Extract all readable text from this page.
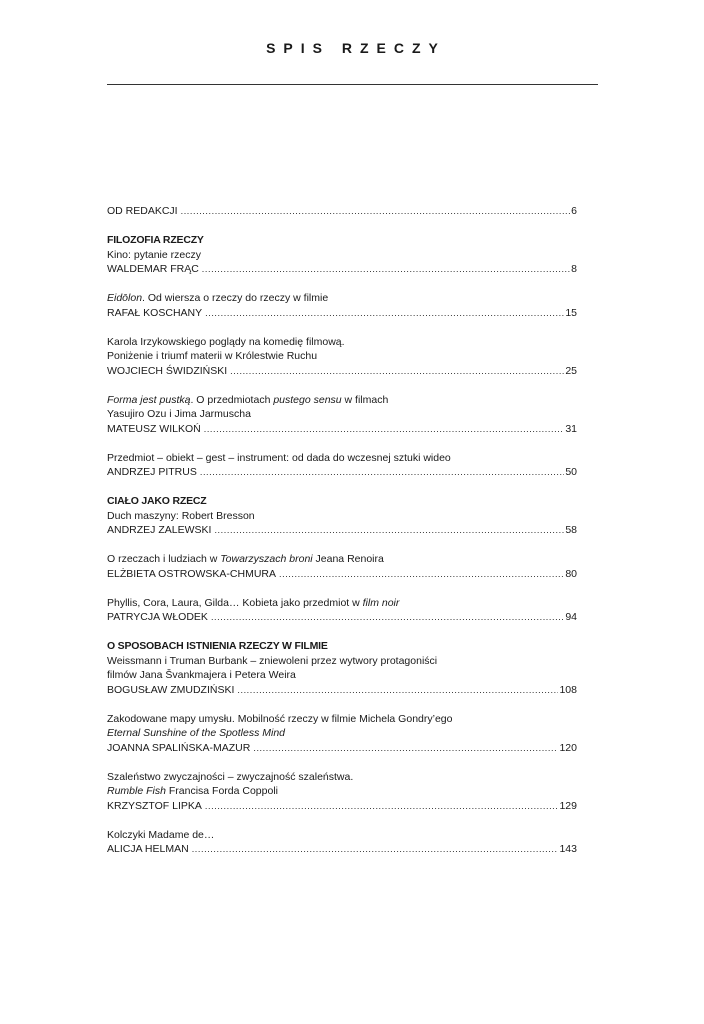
SPIS RZECZY
OD REDAKCJI .....	6
FILOZOFIA RZECZY
Kino: pytanie rzeczy
WALDEMAR FRĄC .....	8
Eidōlon. Od wiersza o rzeczy do rzeczy w filmie
RAFAŁ KOSCHANY .....	15
Karola Irzykowskiego poglądy na komedię filmową.
Poniżenie i triumf materii w Królestwie Ruchu
WOJCIECH ŚWIDZIŃSKI .....	25
Forma jest pustką. O przedmiotach pustego sensu w filmach
Yasujiro Ozu i Jima Jarmuscha
MATEUSZ WILKOŃ .....	31
Przedmiot – obiekt – gest – instrument: od dada do wczesnej sztuki wideo
ANDRZEJ PITRUS .....	50
CIAŁO JAKO RZECZ
Duch maszyny: Robert Bresson
ANDRZEJ ZALEWSKI .....	58
O rzeczach i ludziach w Towarzyszach broni Jeana Renoira
ELŻBIETA OSTROWSKA-CHMURA .....	80
Phyllis, Cora, Laura, Gilda… Kobieta jako przedmiot w film noir
PATRYCJA WŁODEK .....	94
O SPOSOBACH ISTNIENIA RZECZY W FILMIE
Weissmann i Truman Burbank – zniewoleni przez wytwory protagoniści
filmów Jana Švankmajera i Petera Weira
BOGUSŁAW ZMUDZIŃSKI .....	108
Zakodowane mapy umysłu. Mobilność rzeczy w filmie Michela Gondry’ego
Eternal Sunshine of the Spotless Mind
JOANNA SPALIŃSKA-MAZUR .....	120
Szaleństwo zwyczajności – zwyczajność szaleństwa.
Rumble Fish Francisa Forda Coppoli
KRZYSZTOF LIPKA .....	129
Kolczyki Madame de…
ALICJA HELMAN .....	143
